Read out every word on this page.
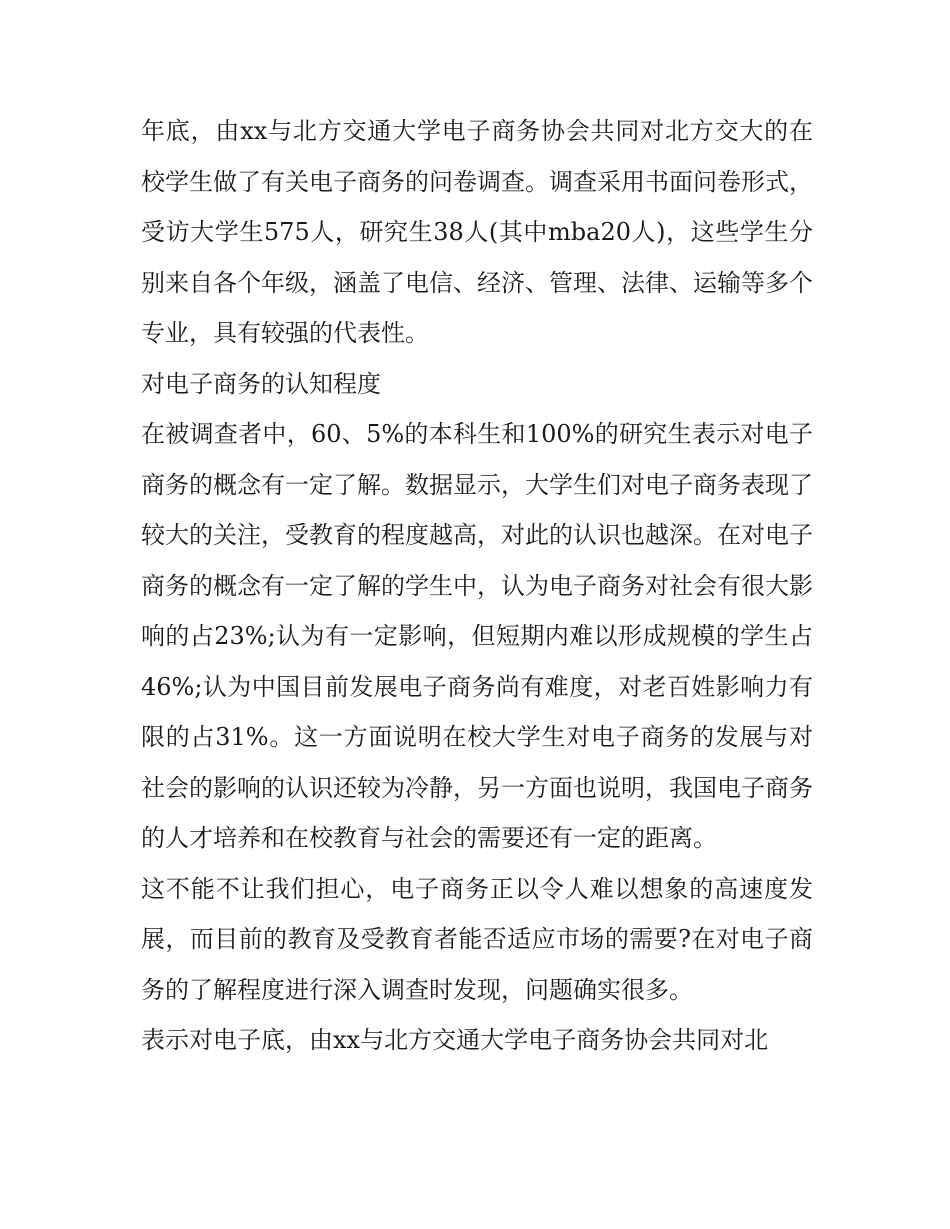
年底，由xx与北方交通大学电子商务协会共同对北方交大的在校学生做了有关电子商务的问卷调查。调查采用书面问卷形式，受访大学生575人，研究生38人(其中mba20人)，这些学生分别来自各个年级，涵盖了电信、经济、管理、法律、运输等多个专业，具有较强的代表性。

对电子商务的认知程度

在被调查者中，60、5%的本科生和100%的研究生表示对电子商务的概念有一定了解。数据显示，大学生们对电子商务表现了较大的关注，受教育的程度越高，对此的认识也越深。在对电子商务的概念有一定了解的学生中，认为电子商务对社会有很大影响的占23%;认为有一定影响，但短期内难以形成规模的学生占46%;认为中国目前发展电子商务尚有难度，对老百姓影响力有限的占31%。这一方面说明在校大学生对电子商务的发展与对社会的影响的认识还较为冷静，另一方面也说明，我国电子商务的人才培养和在校教育与社会的需要还有一定的距离。

这不能不让我们担心，电子商务正以令人难以想象的高速度发展，而目前的教育及受教育者能否适应市场的需要?在对电子商务的了解程度进行深入调查时发现，问题确实很多。

表示对电子底，由xx与北方交通大学电子商务协会共同对北
